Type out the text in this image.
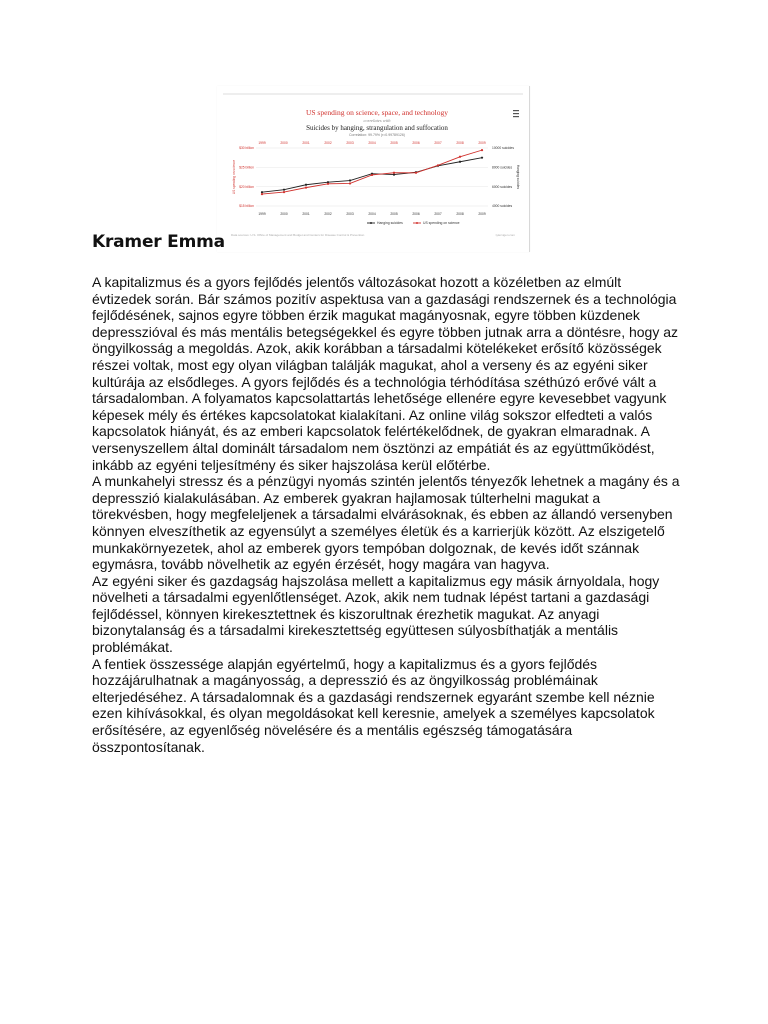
US spending on science, space, and technology
correlates with
Suicides by hanging, strangulation and suffocation
Correlation: 99.79% (r=0.99789126)
$30 billion	10000 suicides
$25 billion	8000 suicides
$20 billion	6000 suicides
$15 billion	4000 suicides
US spending on science	Hanging suicides
1999
1999
2000
2000
2001
2001
2002
2002
2003
2003
2004
2004
2005
2005
2006
2006
2007
2007
2008
2008
2009
2009
Hanging suicides	US spending on science
Data sources: U.S. Office of Management and Budget and Centers for Disease Control & Prevention	tylervigen.com
Kramer Emma

A kapitalizmus és a gyors fejlődés jelentős változásokat hozott a közéletben az elmúlt évtizedek során. Bár számos pozitív aspektusa van a gazdasági rendszernek és a technológia fejlődésének, sajnos egyre többen érzik magukat magányosnak, egyre többen küzdenek depresszióval és más mentális betegségekkel és egyre többen jutnak arra a döntésre, hogy az öngyilkosság a megoldás. Azok, akik korábban a társadalmi kötelékeket erősítő közösségek részei voltak, most egy olyan világban találják magukat, ahol a verseny és az egyéni siker kultúrája az elsődleges. A gyors fejlődés és a technológia térhódítása széthúzó erővé vált a társadalomban. A folyamatos kapcsolattartás lehetősége ellenére egyre kevesebbet vagyunk képesek mély és értékes kapcsolatokat kialakítani. Az online világ sokszor elfedteti a valós kapcsolatok hiányát, és az emberi kapcsolatok felértékelődnek, de gyakran elmaradnak. A versenyszellem által dominált társadalom nem ösztönzi az empátiát és az együttműködést, inkább az egyéni teljesítmény és siker hajszolása kerül előtérbe.

A munkahelyi stressz és a pénzügyi nyomás szintén jelentős tényezők lehetnek a magány és a depresszió kialakulásában. Az emberek gyakran hajlamosak túlterhelni magukat a törekvésben, hogy megfeleljenek a társadalmi elvárásoknak, és ebben az állandó versenyben könnyen elveszíthetik az egyensúlyt a személyes életük és a karrierjük között. Az elszigetelő munkakörnyezetek, ahol az emberek gyors tempóban dolgoznak, de kevés időt szánnak egymásra, tovább növelhetik az egyén érzését, hogy magára van hagyva.

Az egyéni siker és gazdagság hajszolása mellett a kapitalizmus egy másik árnyoldala, hogy növelheti a társadalmi egyenlőtlenséget. Azok, akik nem tudnak lépést tartani a gazdasági fejlődéssel, könnyen kirekesztettnek és kiszorultnak érezhetik magukat. Az anyagi bizonytalanság és a társadalmi kirekesztettség együttesen súlyosbíthatják a mentális problémákat.

A fentiek összessége alapján egyértelmű, hogy a kapitalizmus és a gyors fejlődés hozzájárulhatnak a magányosság, a depresszió és az öngyilkosság problémáinak elterjedéséhez. A társadalomnak és a gazdasági rendszernek egyaránt szembe kell néznie ezen kihívásokkal, és olyan megoldásokat kell keresnie, amelyek a személyes kapcsolatok erősítésére, az egyenlőség növelésére és a mentális egészség támogatására összpontosítanak.
